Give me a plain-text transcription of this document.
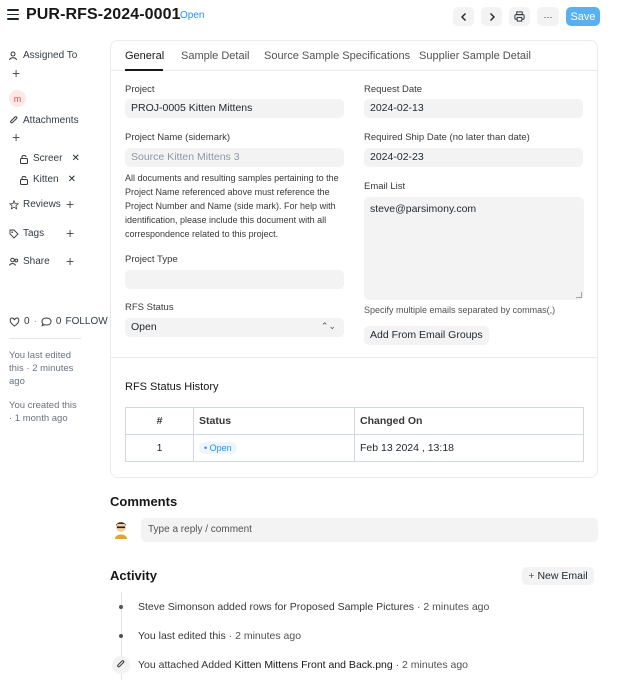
PUR-RFS-2024-0001 Open	···	Save
Assigned To
+
m
Attachments
+
Screer ✕
Kitten ✕
Reviews +
Tags +
Share +
0 · 0 FOLLOW
You last edited this · 2 minutes ago
You created this · 1 month ago
General Sample Detail Source Sample Specifications Supplier Sample Detail
Project
PROJ-0005 Kitten Mittens
Project Name (sidemark)
Source Kitten Mittens 3
All documents and resulting samples pertaining to the Project Name referenced above must reference the Project Number and Name (side mark). For help with identification, please include this document with all correspondence related to this project.
Project Type
RFS Status
Open	⌃⌄
Request Date
2024-02-13
Required Ship Date (no later than date)
2024-02-23
Email List
steve@parsimony.com
Specify multiple emails separated by commas(,)
Add From Email Groups
RFS Status History
#	Status	Changed On
1	• Open	Feb 13 2024 , 13:18
Comments
Type a reply / comment
Activity	+ New Email
Steve Simonson added rows for Proposed Sample Pictures · 2 minutes ago
You last edited this · 2 minutes ago
You attached Added Kitten Mittens Front and Back.png · 2 minutes ago
